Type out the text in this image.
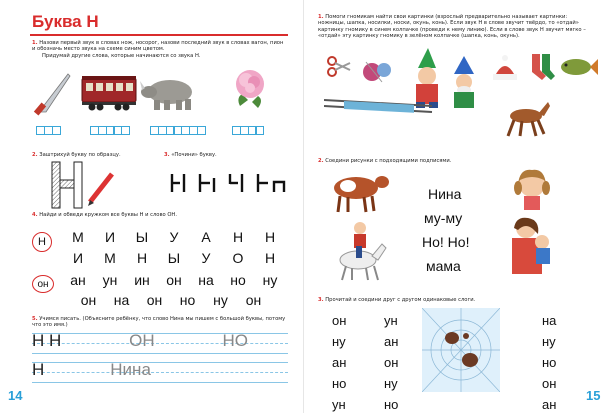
Буква Н
1. Назови первый звук в словах нож, носорог, назови последний звук в словах вагон, пион и обозначь место звука на схеме синим цветом.
Придумай другие слова, которые начинаются со звука Н.
2. Заштрихуй букву по образцу.	3. «Почини» букву.
4. Найди и обведи кружком все буквы Н и слово ОН.
Н
он
М	И	Ы	У	А	Н	Н
И	М	Н	Ы	У	О	Н
ан	ун	ин	он	на	но	ну
он	на	он	но	ну	он
5. Учимся писать. (Объясните ребёнку, что слово Нина мы пишем с большой буквы, потому что это имя.)
Н Н	ОН	НО
Н	Нина
14
1. Помоги гномикам найти свои картинки (взрослый предварительно называет картинки: ножницы, шапка, носилки, носки, окунь, конь). Если звук Н в слове звучит твёрдо, то «отдай» картинку гномику в синем колпачке (проведи к нему линию). Если в слове звук Н звучит мягко – «отдай» эту картинку гномику в зелёном колпачке (шапка, конь, окунь).
2. Соедини рисунки с подходящими подписями.
Нина
му-му
Но! Но!
мама
3. Прочитай и соедини друг с другом одинаковые слоги.
он
ну
ан
но
ун
ун
ан
он
ну
но
на
ну
но
он
ан
15
